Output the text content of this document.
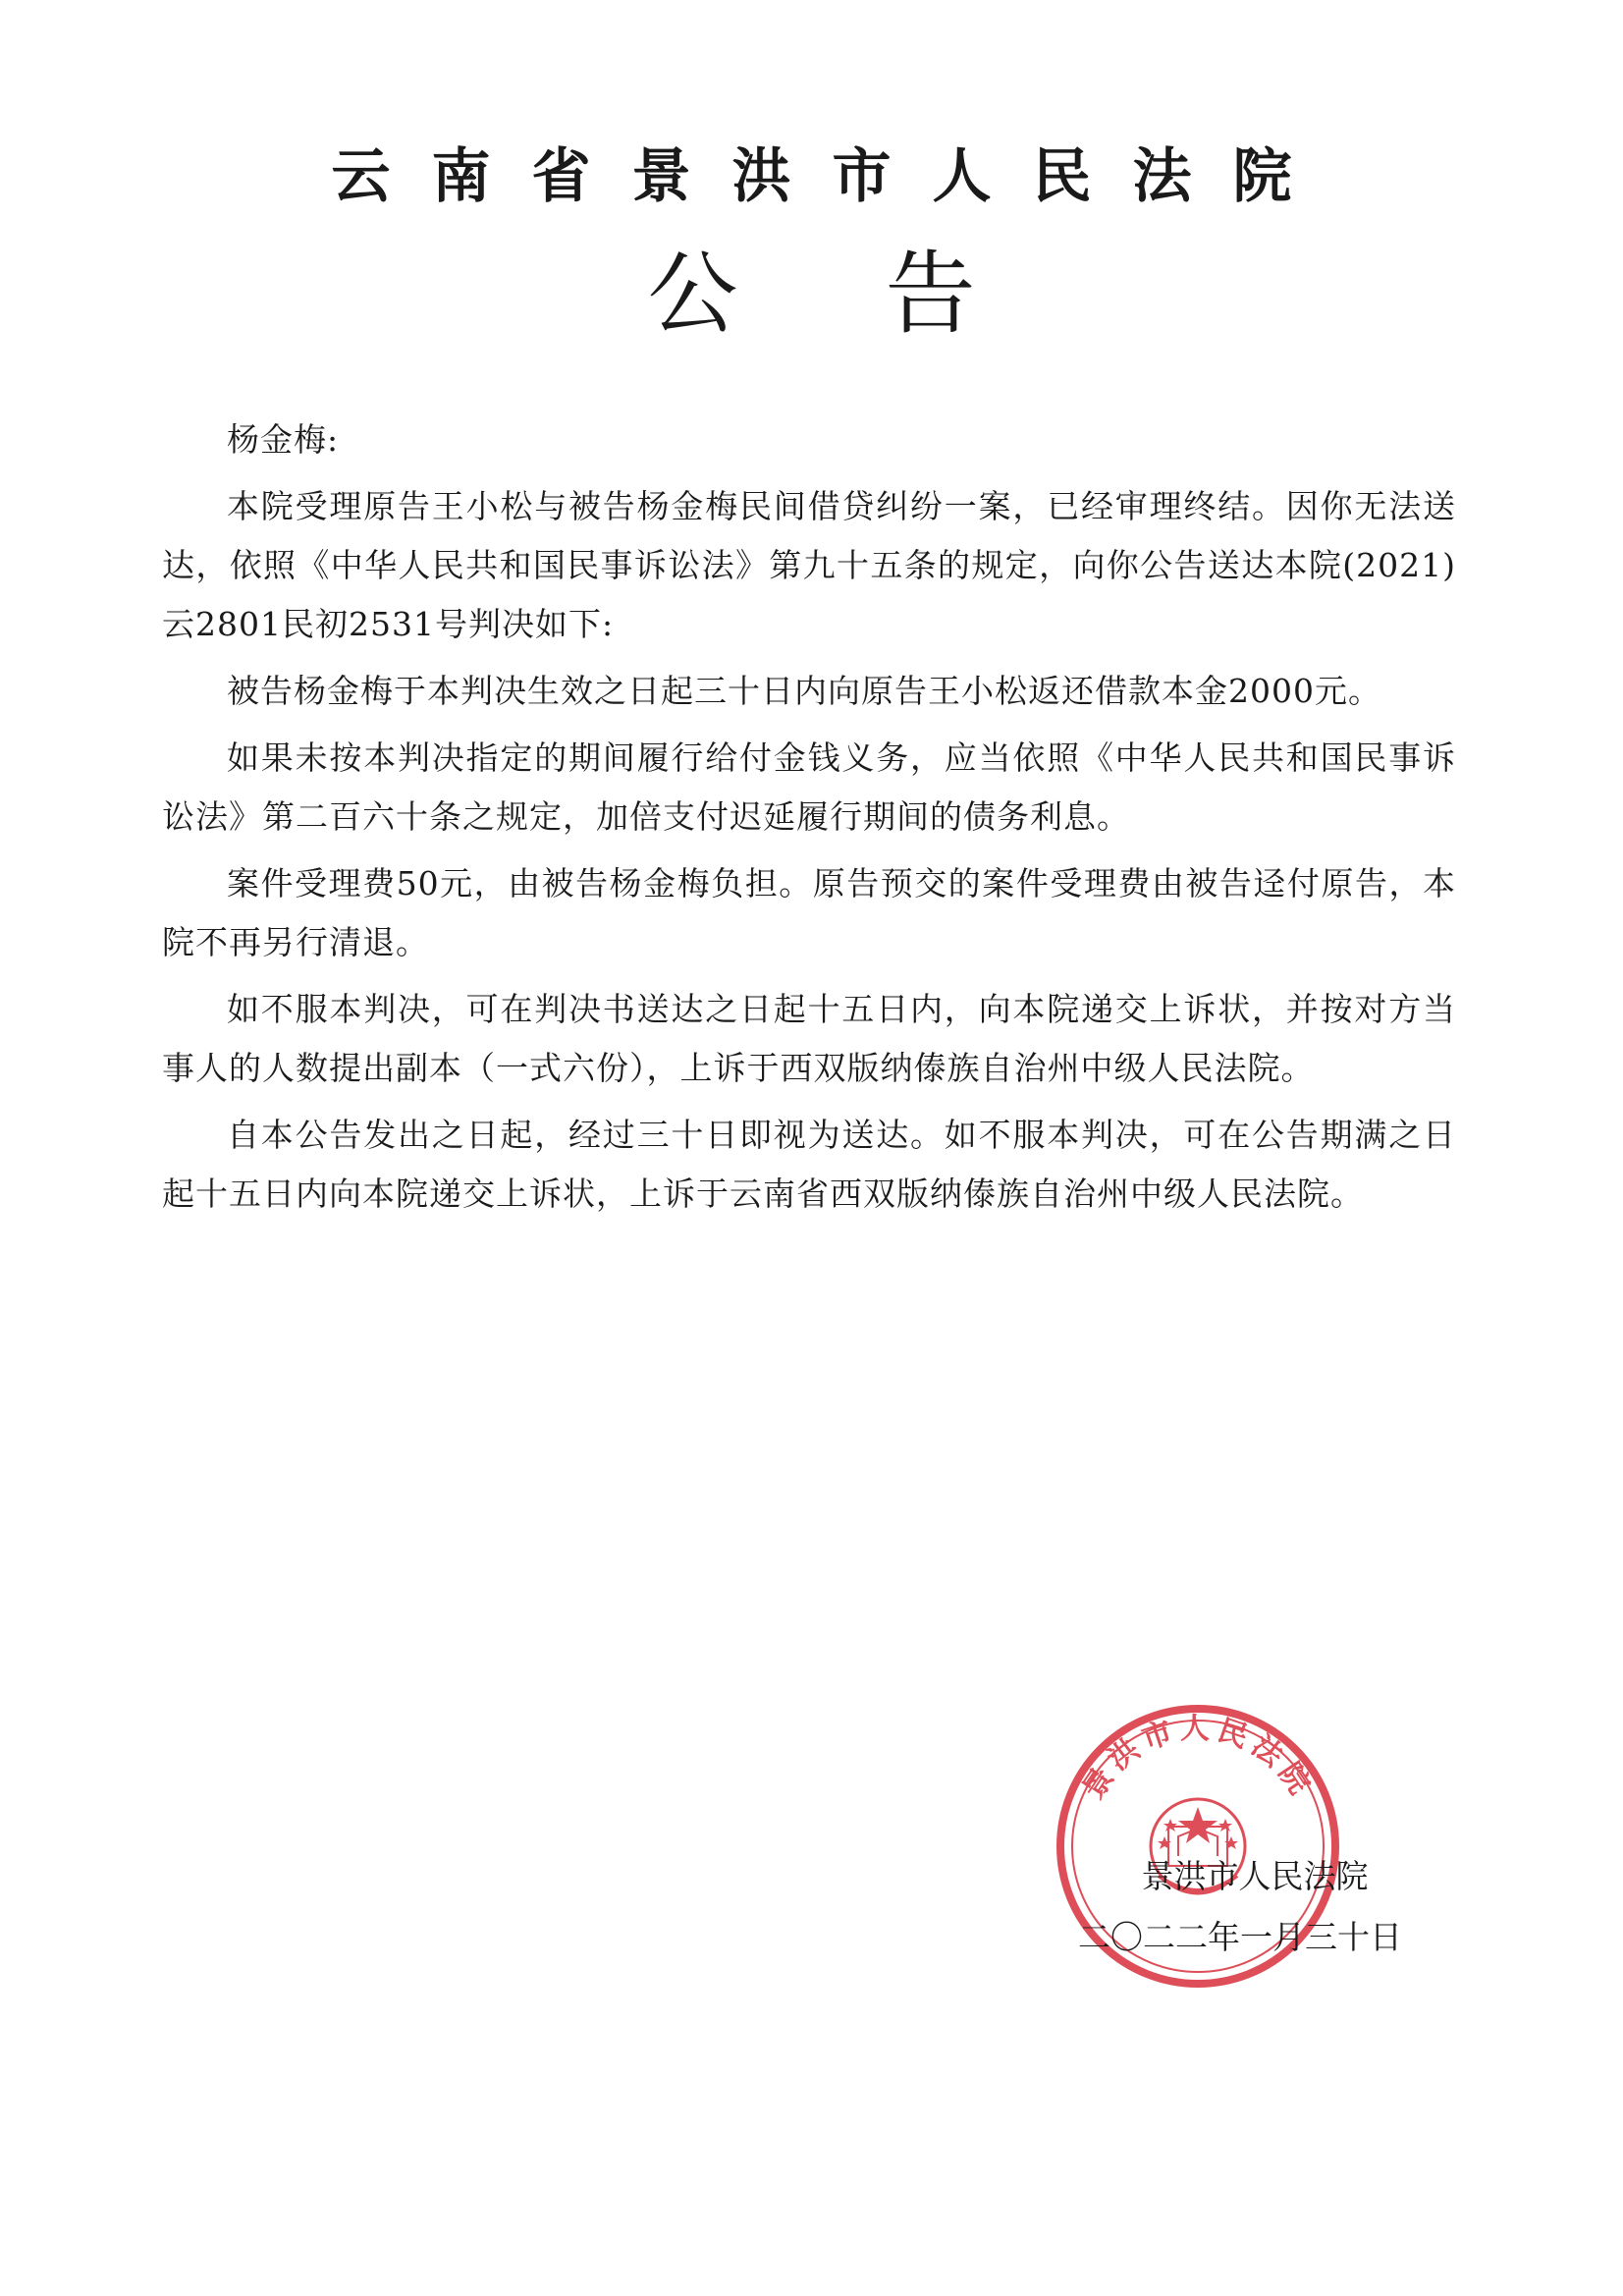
云南省景洪市人民法院
公告

杨金梅:

本院受理原告王小松与被告杨金梅民间借贷纠纷一案，已经审理终结。因你无法送达，依照《中华人民共和国民事诉讼法》第九十五条的规定，向你公告送达本院(2021)云2801民初2531号判决如下:

被告杨金梅于本判决生效之日起三十日内向原告王小松返还借款本金2000元。

如果未按本判决指定的期间履行给付金钱义务，应当依照《中华人民共和国民事诉讼法》第二百六十条之规定，加倍支付迟延履行期间的债务利息。

案件受理费50元，由被告杨金梅负担。原告预交的案件受理费由被告迳付原告，本院不再另行清退。

如不服本判决，可在判决书送达之日起十五日内，向本院递交上诉状，并按对方当事人的人数提出副本（一式六份），上诉于西双版纳傣族自治州中级人民法院。

自本公告发出之日起，经过三十日即视为送达。如不服本判决，可在公告期满之日起十五日内向本院递交上诉状，上诉于云南省西双版纳傣族自治州中级人民法院。

景洪市人民法院
景洪市人民法院
二〇二二年一月三十日
